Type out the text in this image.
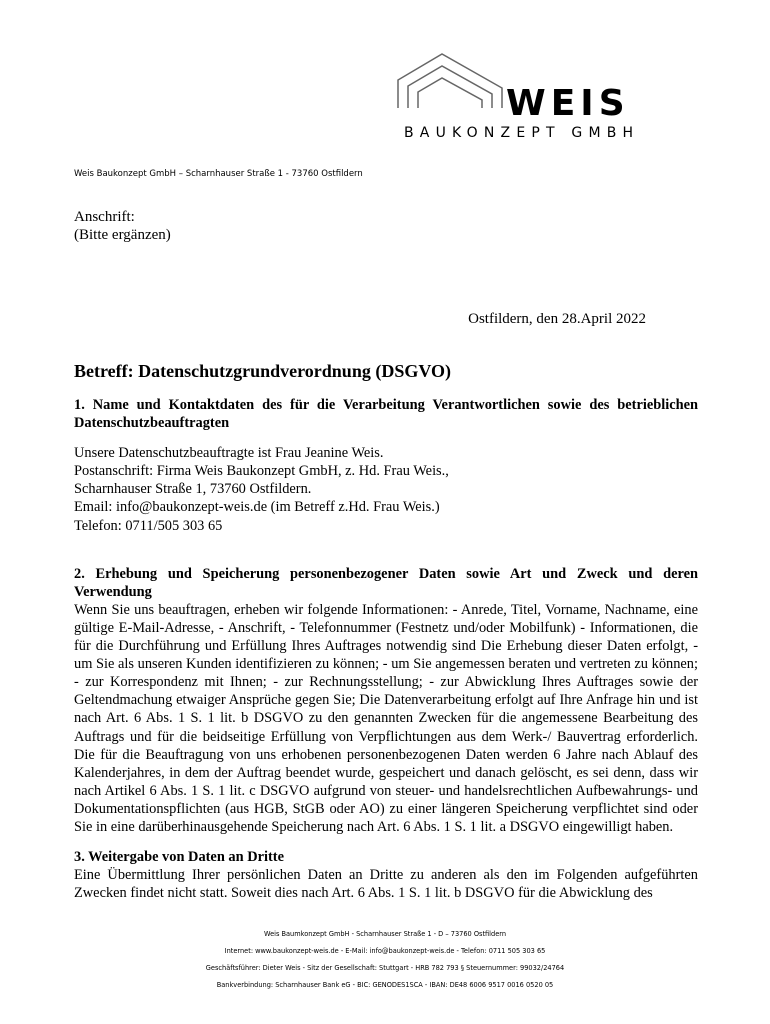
WEIS
BAUKONZEPT GMBH
Weis Baukonzept GmbH – Scharnhauser Straße 1 - 73760 Ostfildern
Anschrift:
(Bitte ergänzen)
Ostfildern, den 28.April 2022
Betreff: Datenschutzgrundverordnung (DSGVO)
1. Name und Kontaktdaten des für die Verarbeitung Verantwortlichen sowie des betrieblichen Datenschutzbeauftragten
Unsere Datenschutzbeauftragte ist Frau Jeanine Weis.
Postanschrift: Firma Weis Baukonzept GmbH, z. Hd. Frau Weis.,
Scharnhauser Straße 1, 73760 Ostfildern.
Email: info@baukonzept-weis.de (im Betreff z.Hd. Frau Weis.)
Telefon: 0711/505 303 65
2. Erhebung und Speicherung personenbezogener Daten sowie Art und Zweck und deren Verwendung
Wenn Sie uns beauftragen, erheben wir folgende Informationen: - Anrede, Titel, Vorname, Nachname, eine gültige E-Mail-Adresse, - Anschrift, - Telefonnummer (Festnetz und/oder Mobilfunk) - Informationen, die für die Durchführung und Erfüllung Ihres Auftrages notwendig sind Die Erhebung dieser Daten erfolgt, - um Sie als unseren Kunden identifizieren zu können; - um Sie angemessen beraten und vertreten zu können; - zur Korrespondenz mit Ihnen; - zur Rechnungsstellung; - zur Abwicklung Ihres Auftrages sowie der Geltendmachung etwaiger Ansprüche gegen Sie; Die Datenverarbeitung erfolgt auf Ihre Anfrage hin und ist nach Art. 6 Abs. 1 S. 1 lit. b DSGVO zu den genannten Zwecken für die angemessene Bearbeitung des Auftrags und für die beidseitige Erfüllung von Verpflichtungen aus dem Werk-/ Bauvertrag erforderlich. Die für die Beauftragung von uns erhobenen personenbezogenen Daten werden 6 Jahre nach Ablauf des Kalenderjahres, in dem der Auftrag beendet wurde, gespeichert und danach gelöscht, es sei denn, dass wir nach Artikel 6 Abs. 1 S. 1 lit. c DSGVO aufgrund von steuer- und handelsrechtlichen Aufbewahrungs- und Dokumentationspflichten (aus HGB, StGB oder AO) zu einer längeren Speicherung verpflichtet sind oder Sie in eine darüberhinausgehende Speicherung nach Art. 6 Abs. 1 S. 1 lit. a DSGVO eingewilligt haben.
3. Weitergabe von Daten an Dritte
Eine Übermittlung Ihrer persönlichen Daten an Dritte zu anderen als den im Folgenden aufgeführten Zwecken findet nicht statt. Soweit dies nach Art. 6 Abs. 1 S. 1 lit. b DSGVO für die Abwicklung des
Weis Baumkonzept GmbH - Scharnhauser Straße 1 - D – 73760 Ostfildern
Internet: www.baukonzept-weis.de - E-Mail: info@baukonzept-weis.de - Telefon: 0711 505 303 65
Geschäftsführer: Dieter Weis - Sitz der Gesellschaft: Stuttgart - HRB 782 793 § Steuernummer: 99032/24764
Bankverbindung: Scharnhauser Bank eG - BIC: GENODES1SCA - IBAN: DE48 6006 9517 0016 0520 05
